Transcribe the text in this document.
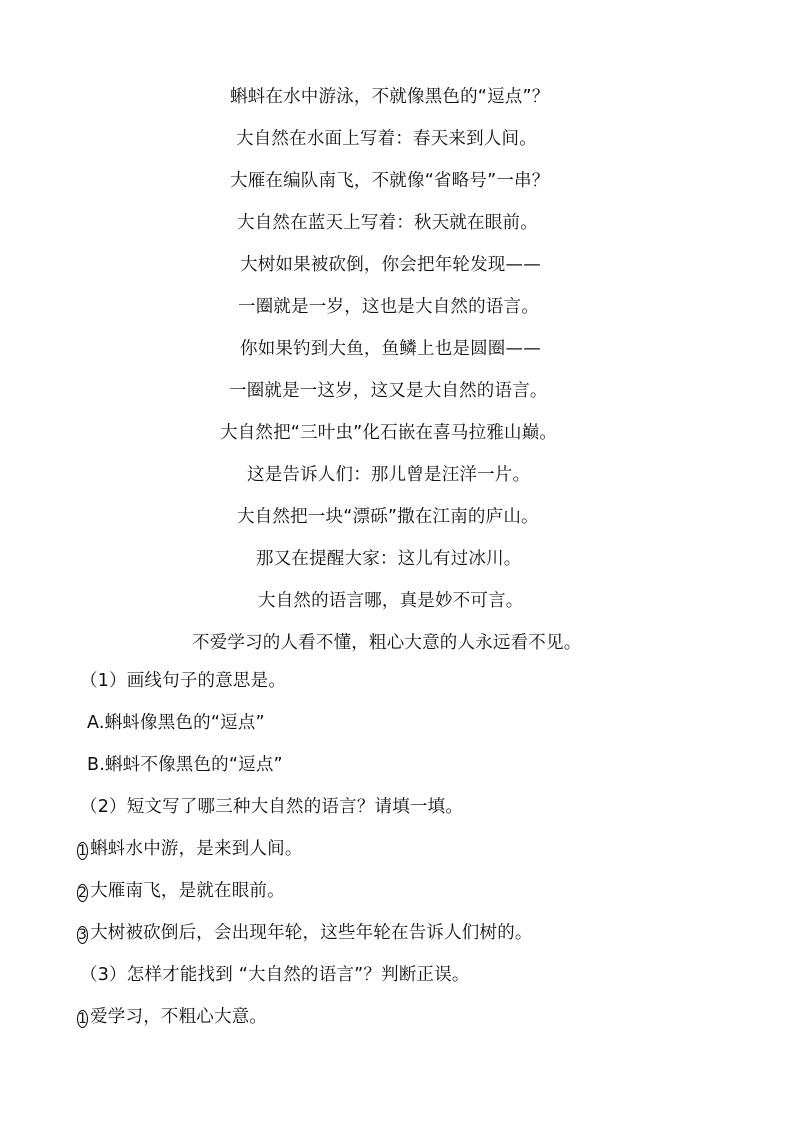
蝌蚪在水中游泳，不就像黑色的“逗点”？
大自然在水面上写着：春天来到人间。
大雁在编队南飞，不就像“省略号”一串？
大自然在蓝天上写着：秋天就在眼前。
大树如果被砍倒，你会把年轮发现——
一圈就是一岁，这也是大自然的语言。
你如果钓到大鱼，鱼鳞上也是圆圈——
一圈就是一这岁，这又是大自然的语言。
大自然把“三叶虫”化石嵌在喜马拉雅山巅。
这是告诉人们：那儿曾是汪洋一片。
大自然把一块“漂砾”撒在江南的庐山。
那又在提醒大家：这儿有过冰川。
大自然的语言哪，真是妙不可言。
不爱学习的人看不懂，粗心大意的人永远看不见。
（1）画线句子的意思是。
A.蝌蚪像黑色的“逗点”
B.蝌蚪不像黑色的“逗点”
（2）短文写了哪三种大自然的语言？请填一填。
1 蝌蚪水中游，是来到人间。
2 大雁南飞，是就在眼前。
3 大树被砍倒后，会出现年轮，这些年轮在告诉人们树的。
（3）怎样才能找到 “大自然的语言”？判断正误。
1 爱学习，不粗心大意。
